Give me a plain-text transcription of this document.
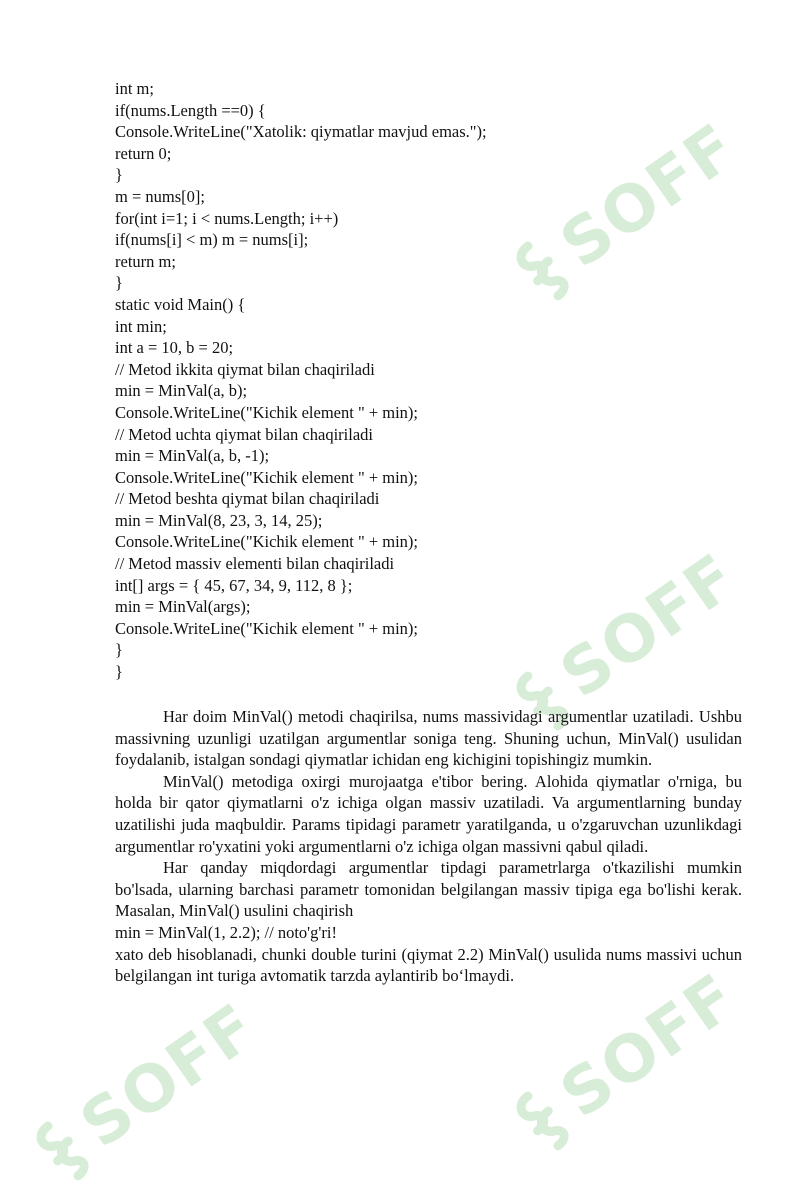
SOFF
SOFF
SOFF
SOFF
int m;
if(nums.Length ==0) {
Console.WriteLine("Xatolik: qiymatlar mavjud emas.");
return 0;
}
m = nums[0];
for(int i=1; i < nums.Length; i++)
if(nums[i] < m) m = nums[i];
return m;
}
static void Main() {
int min;
int a = 10, b = 20;
// Metod ikkita qiymat bilan chaqiriladi
min = MinVal(a, b);
Console.WriteLine("Kichik element " + min);
// Metod uchta qiymat bilan chaqiriladi
min = MinVal(a, b, -1);
Console.WriteLine("Kichik element " + min);
// Metod beshta qiymat bilan chaqiriladi
min = MinVal(8, 23, 3, 14, 25);
Console.WriteLine("Kichik element " + min);
// Metod massiv elementi bilan chaqiriladi
int[] args = { 45, 67, 34, 9, 112, 8 };
min = MinVal(args);
Console.WriteLine("Kichik element " + min);
}
}

Har doim MinVal() metodi chaqirilsa, nums massividagi argumentlar uzatiladi. Ushbu massivning uzunligi uzatilgan argumentlar soniga teng. Shuning uchun, MinVal() usulidan foydalanib, istalgan sondagi qiymatlar ichidan eng kichigini topishingiz mumkin.

MinVal() metodiga oxirgi murojaatga e'tibor bering. Alohida qiymatlar o'rniga, bu holda bir qator qiymatlarni o'z ichiga olgan massiv uzatiladi. Va argumentlarning bunday uzatilishi juda maqbuldir. Params tipidagi parametr yaratilganda, u o'zgaruvchan uzunlikdagi argumentlar ro'yxatini yoki argumentlarni o'z ichiga olgan massivni qabul qiladi.

Har qanday miqdordagi argumentlar tipdagi parametrlarga o'tkazilishi mumkin bo'lsada, ularning barchasi parametr tomonidan belgilangan massiv tipiga ega bo'lishi kerak. Masalan, MinVal() usulini chaqirish

min = MinVal(1, 2.2); // noto'g'ri!

xato deb hisoblanadi, chunki double turini (qiymat 2.2) MinVal() usulida nums massivi uchun belgilangan int turiga avtomatik tarzda aylantirib bo‘lmaydi.
